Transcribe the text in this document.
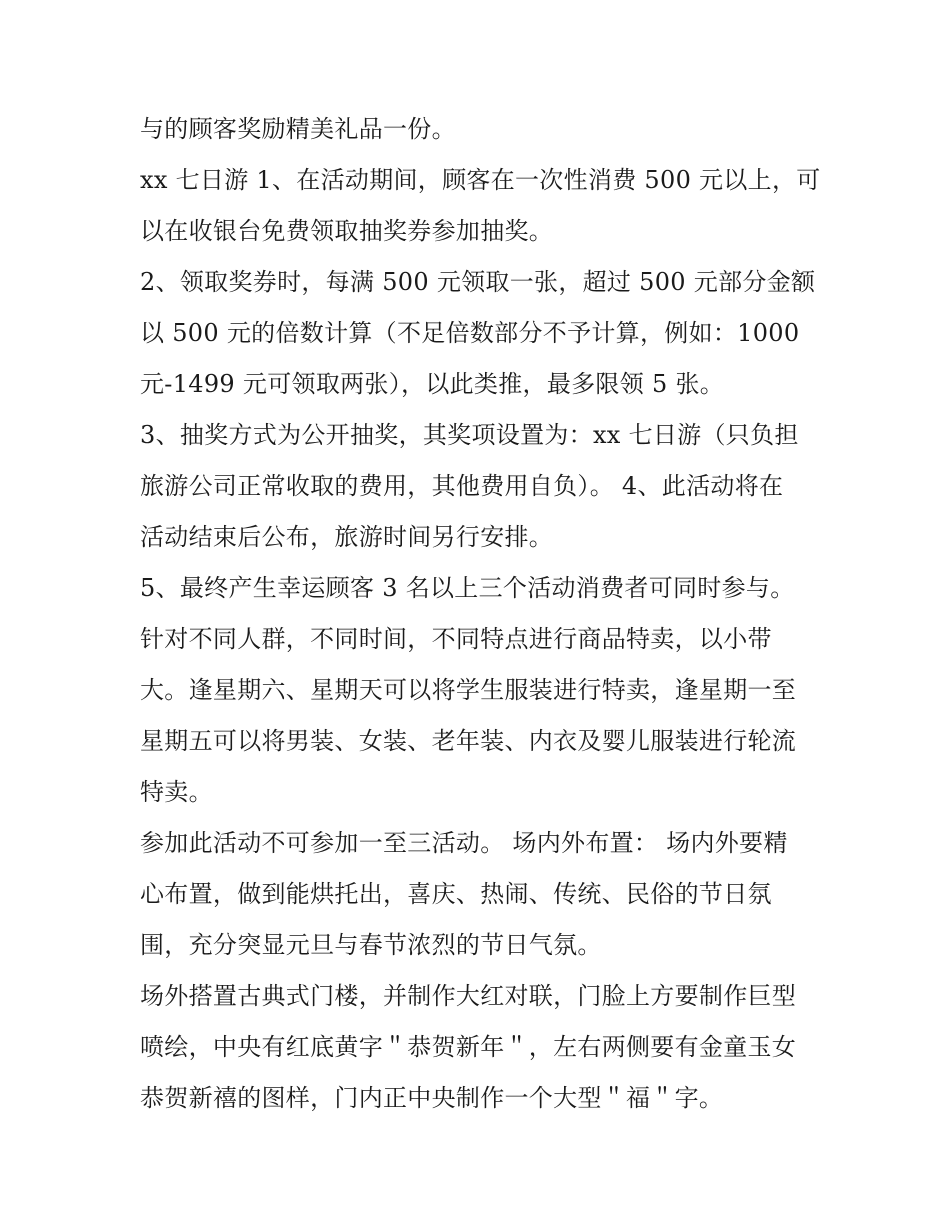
与的顾客奖励精美礼品一份。

xx 七日游 1、在活动期间，顾客在一次性消费 500 元以上，可

以在收银台免费领取抽奖券参加抽奖。

2、领取奖券时，每满 500 元领取一张，超过 500 元部分金额

以 500 元的倍数计算（不足倍数部分不予计算，例如：1000

元-1499 元可领取两张），以此类推，最多限领 5 张。

3、抽奖方式为公开抽奖，其奖项设置为：xx 七日游（只负担

旅游公司正常收取的费用，其他费用自负）。 4、此活动将在

活动结束后公布，旅游时间另行安排。

5、最终产生幸运顾客 3 名以上三个活动消费者可同时参与。

针对不同人群，不同时间，不同特点进行商品特卖，以小带

大。逢星期六、星期天可以将学生服装进行特卖，逢星期一至

星期五可以将男装、女装、老年装、内衣及婴儿服装进行轮流

特卖。

参加此活动不可参加一至三活动。 场内外布置： 场内外要精

心布置，做到能烘托出，喜庆、热闹、传统、民俗的节日氛

围，充分突显元旦与春节浓烈的节日气氛。

场外搭置古典式门楼，并制作大红对联，门脸上方要制作巨型

喷绘，中央有红底黄字＂恭贺新年＂，左右两侧要有金童玉女

恭贺新禧的图样，门内正中央制作一个大型＂福＂字。
